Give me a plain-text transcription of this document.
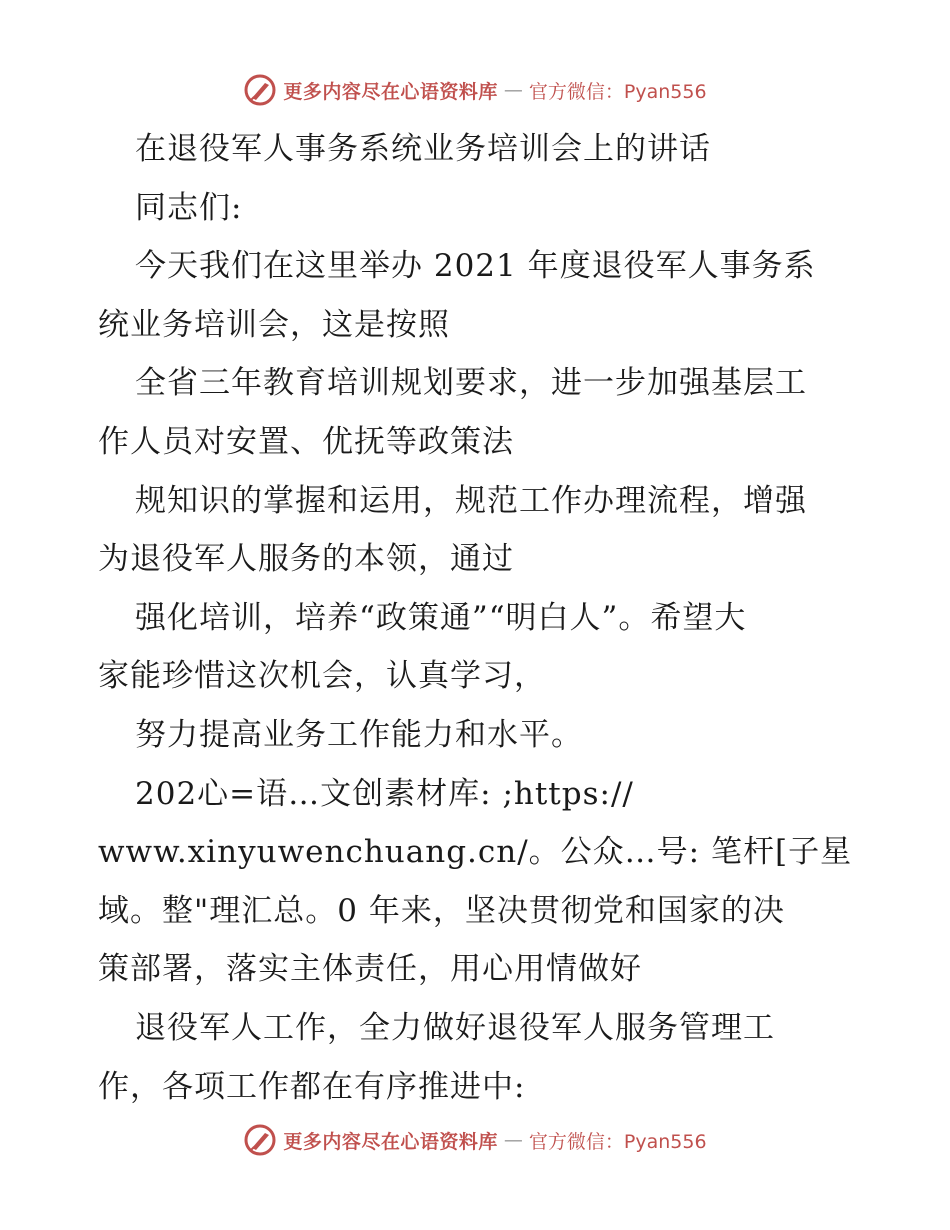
更多内容尽在心语资料库 — 官方微信：Pyan556
在退役军人事务系统业务培训会上的讲话
同志们:
今天我们在这里举办 2021 年度退役军人事务系
统业务培训会，这是按照
全省三年教育培训规划要求，进一步加强基层工
作人员对安置、优抚等政策法
规知识的掌握和运用，规范工作办理流程，增强
为退役军人服务的本领，通过
强化培训，培养“政策通”“明白人”。希望大
家能珍惜这次机会，认真学习，
努力提高业务工作能力和水平。
202心=语…文创素材库: ;https://
www.xinyuwenchuang.cn/。公众…号: 笔杆[子星
域。整"理汇总。0 年来，坚决贯彻党和国家的决
策部署，落实主体责任，用心用情做好
退役军人工作，全力做好退役军人服务管理工
作，各项工作都在有序推进中:
更多内容尽在心语资料库 — 官方微信：Pyan556
